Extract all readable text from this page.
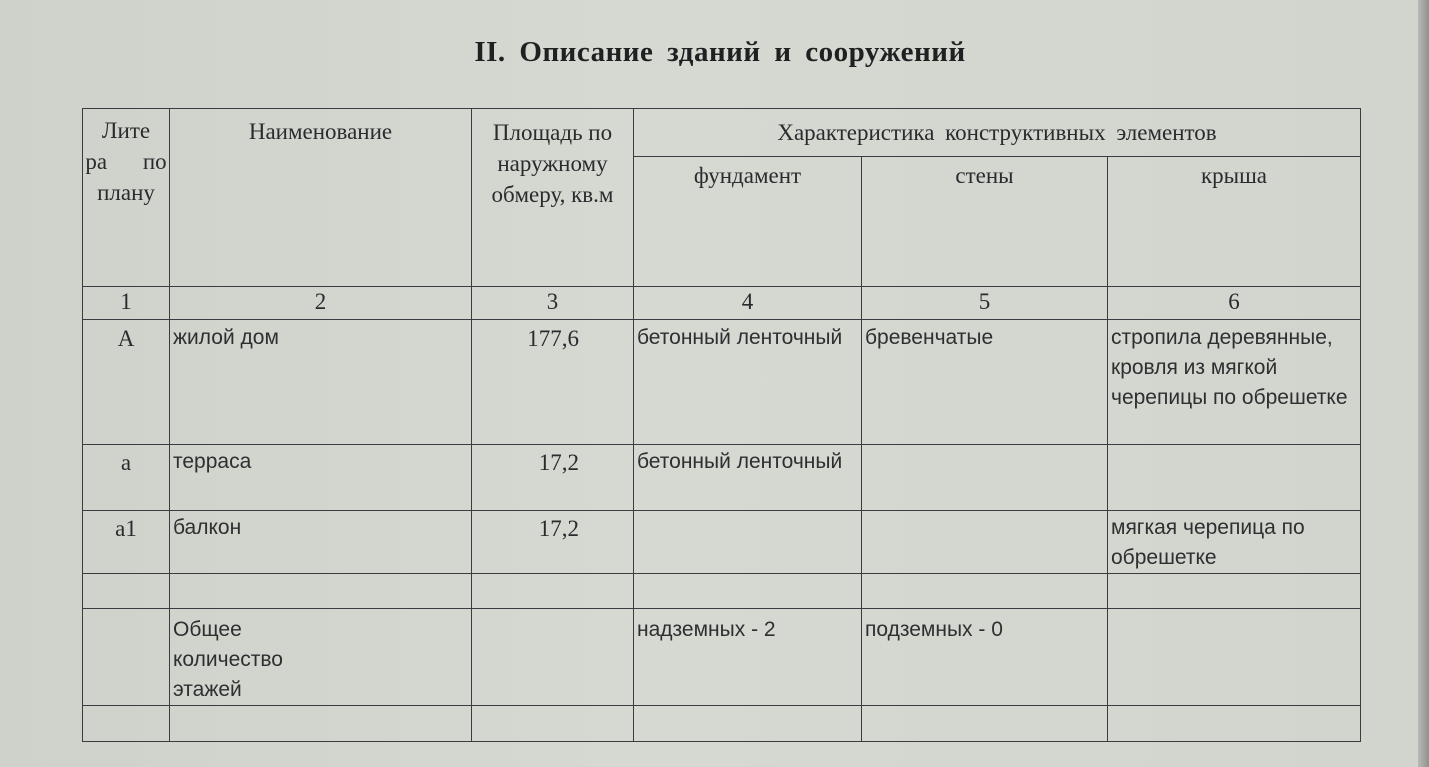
II. Описание зданий и сооружений
Лите ра по плану	Наименование	Площадь по наружному обмеру, кв.м	Характеристика конструктивных элементов		
			фундамент	стены	крыша
1	2	3	4	5	6
А	жилой дом	177,6	бетонный ленточный	бревенчатые	стропила деревянные, кровля из мягкой черепицы по обрешетке
а	терраса	17,2	бетонный ленточный		
а1	балкон	17,2			мягкая черепица по обрешетке

	Общее количество этажей		надземных - 2	подземных - 0	
